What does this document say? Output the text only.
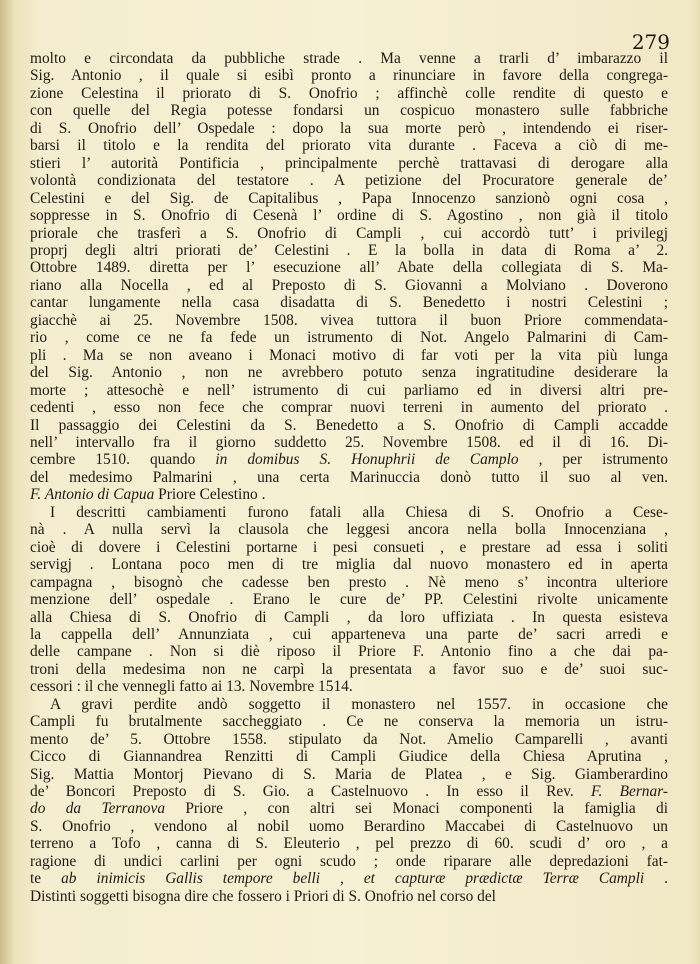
279
molto e circondata da pubbliche strade . Ma venne a trarli d’ imbarazzo il
Sig. Antonio , il quale si esibì pronto a rinunciare in favore della congrega-
zione Celestina il priorato di S. Onofrio ; affinchè colle rendite di questo e
con quelle del Regia potesse fondarsi un cospicuo monastero sulle fabbriche
di S. Onofrio dell’ Ospedale : dopo la sua morte però , intendendo ei riser-
barsi il titolo e la rendita del priorato vita durante . Faceva a ciò di me-
stieri l’ autorità Pontificia , principalmente perchè trattavasi di derogare alla
volontà condizionata del testatore . A petizione del Procuratore generale de’
Celestini e del Sig. de Capitalibus , Papa Innocenzo sanzionò ogni cosa ,
soppresse in S. Onofrio di Cesenà l’ ordine di S. Agostino , non già il titolo
priorale che trasferì a S. Onofrio di Campli , cui accordò tutt’ i privilegj
proprj degli altri priorati de’ Celestini . E la bolla in data di Roma a’ 2.
Ottobre 1489. diretta per l’ esecuzione all’ Abate della collegiata di S. Ma-
riano alla Nocella , ed al Preposto di S. Giovanni a Molviano . Doverono
cantar lungamente nella casa disadatta di S. Benedetto i nostri Celestini ;
giacchè ai 25. Novembre 1508. vivea tuttora il buon Priore commendata-
rio , come ce ne fa fede un istrumento di Not. Angelo Palmarini di Cam-
pli . Ma se non aveano i Monaci motivo di far voti per la vita più lunga
del Sig. Antonio , non ne avrebbero potuto senza ingratitudine desiderare la
morte ; attesochè e nell’ istrumento di cui parliamo ed in diversi altri pre-
cedenti , esso non fece che comprar nuovi terreni in aumento del priorato .
Il passaggio dei Celestini da S. Benedetto a S. Onofrio di Campli accadde
nell’ intervallo fra il giorno suddetto 25. Novembre 1508. ed il dì 16. Di-
cembre 1510. quando in domibus S. Honuphrii de Camplo , per istrumento
del medesimo Palmarini , una certa Marinuccia donò tutto il suo al ven.
F. Antonio di Capua Priore Celestino .
I descritti cambiamenti furono fatali alla Chiesa di S. Onofrio a Cese-
nà . A nulla servì la clausola che leggesi ancora nella bolla Innocenziana ,
cioè di dovere i Celestini portarne i pesi consueti , e prestare ad essa i soliti
servigj . Lontana poco men di tre miglia dal nuovo monastero ed in aperta
campagna , bisognò che cadesse ben presto . Nè meno s’ incontra ulteriore
menzione dell’ ospedale . Erano le cure de’ PP. Celestini rivolte unicamente
alla Chiesa di S. Onofrio di Campli , da loro uffiziata . In questa esisteva
la cappella dell’ Annunziata , cui apparteneva una parte de’ sacri arredi e
delle campane . Non si diè riposo il Priore F. Antonio fino a che dai pa-
troni della medesima non ne carpì la presentata a favor suo e de’ suoi suc-
cessori : il che vennegli fatto ai 13. Novembre 1514.
A gravi perdite andò soggetto il monastero nel 1557. in occasione che
Campli fu brutalmente saccheggiato . Ce ne conserva la memoria un istru-
mento de’ 5. Ottobre 1558. stipulato da Not. Amelio Camparelli , avanti
Cicco di Giannandrea Renzitti di Campli Giudice della Chiesa Aprutina ,
Sig. Mattia Montorj Pievano di S. Maria de Platea , e Sig. Giamberardino
de’ Boncori Preposto di S. Gio. a Castelnuovo . In esso il Rev. F. Bernar-
do da Terranova Priore , con altri sei Monaci componenti la famiglia di
S. Onofrio , vendono al nobil uomo Berardino Maccabei di Castelnuovo un
terreno a Tofo , canna di S. Eleuterio , pel prezzo di 60. scudi d’ oro , a
ragione di undici carlini per ogni scudo ; onde riparare alle depredazioni fat-
te ab inimicis Gallis tempore belli , et capturæ prædictæ Terræ Campli .
Distinti soggetti bisogna dire che fossero i Priori di S. Onofrio nel corso del
